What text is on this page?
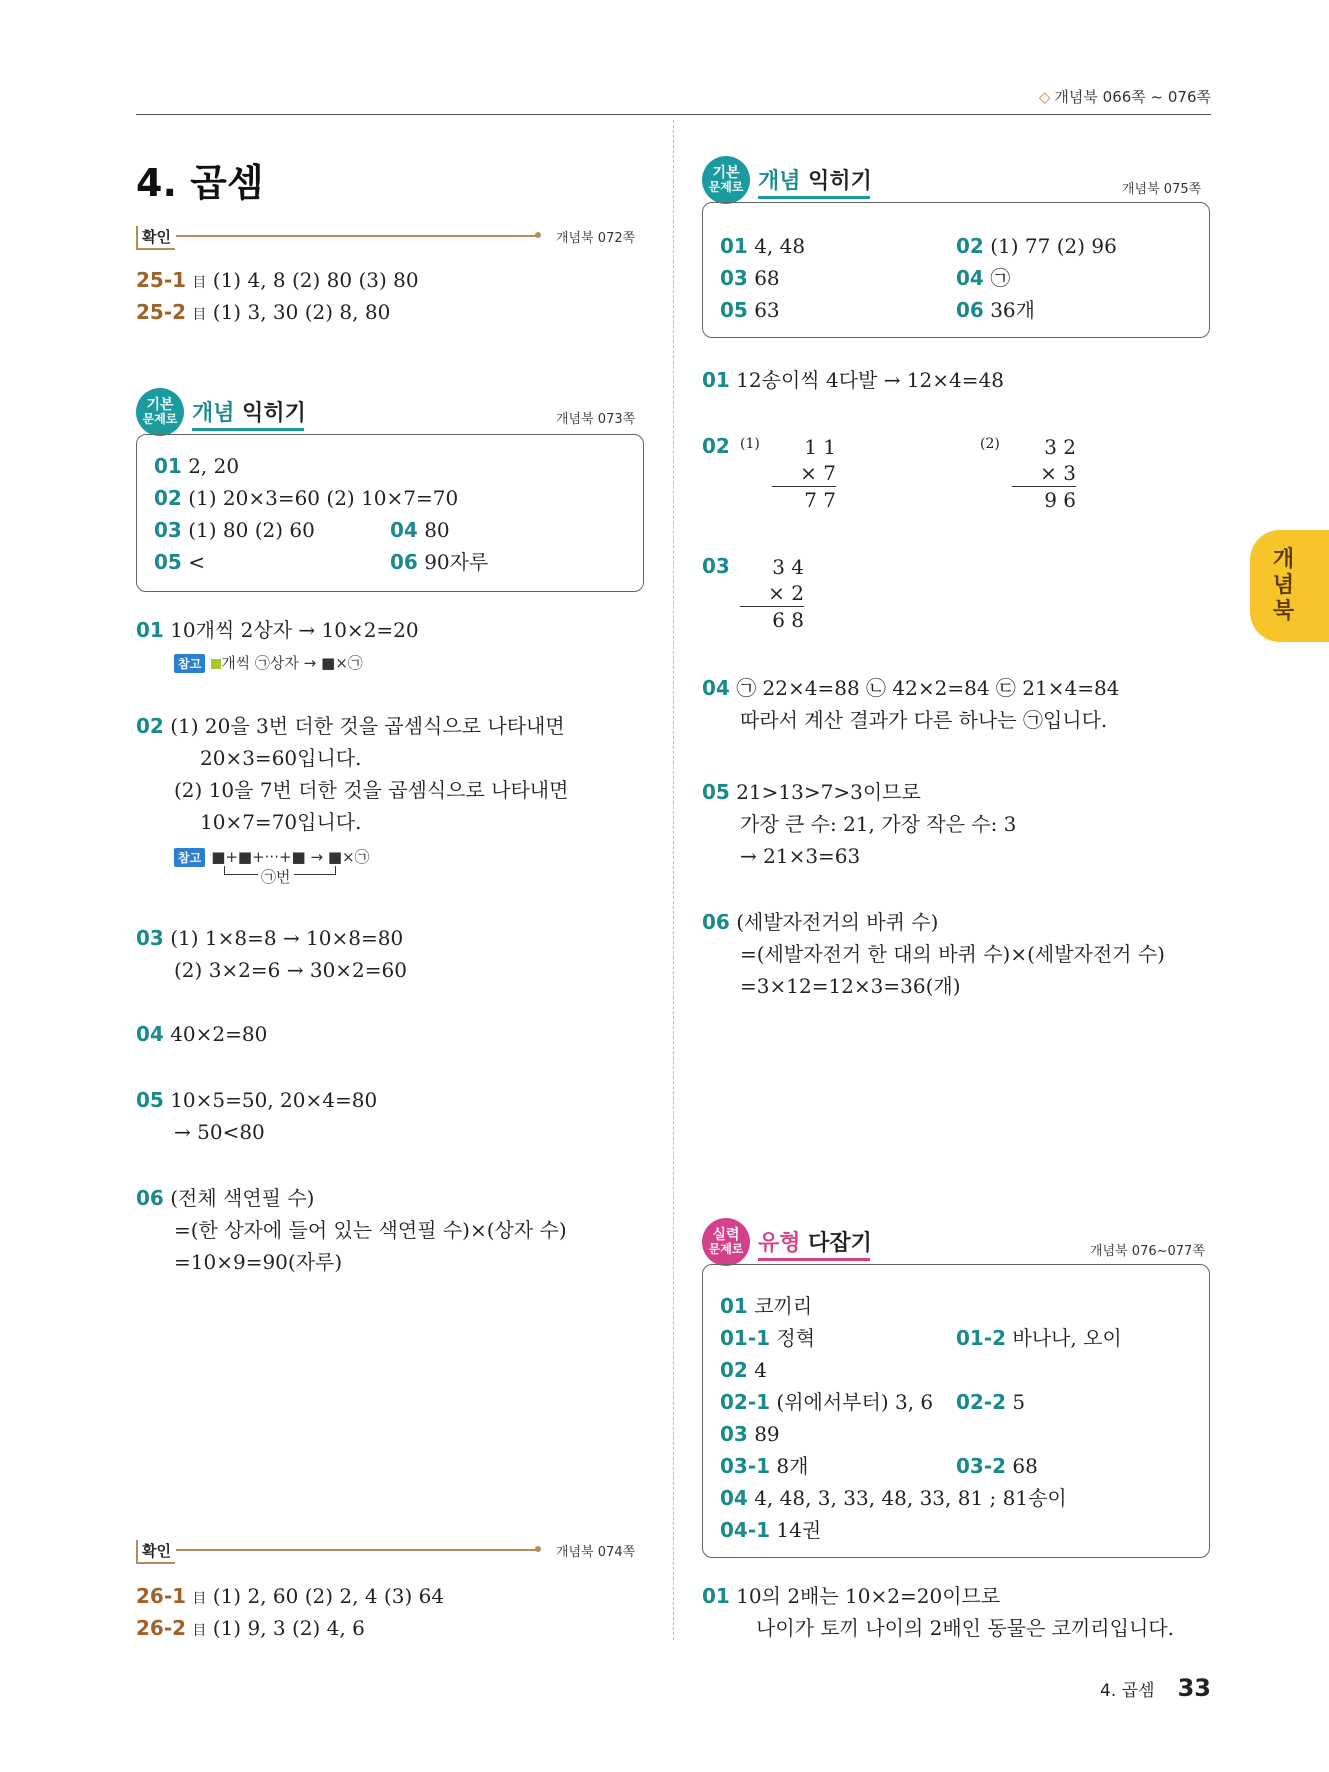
◇ 개념북 066쪽 ~ 076쪽
4. 곱셈
확인	개념북 072쪽
25-1 目 (1) 4, 8 (2) 80 (3) 80
25-2 目 (1) 3, 30 (2) 8, 80
기본
문제로 개념 익히기	개념북 073쪽
01 2, 20
02 (1) 20×3=60 (2) 10×7=70
03 (1) 80 (2) 60	04 80
05 <	06 90자루
01 10개씩 2상자 → 10×2=20
참고 개씩 ㉠상자 → ■×㉠
02 (1) 20을 3번 더한 것을 곱셈식으로 나타내면
20×3=60입니다.
(2) 10을 7번 더한 것을 곱셈식으로 나타내면
10×7=70입니다.
참고 ■+■+···+■ → ■×㉠
㉠번
03 (1) 1×8=8 → 10×8=80
(2) 3×2=6 → 30×2=60
04 40×2=80
05 10×5=50, 20×4=80
→ 50<80
06 (전체 색연필 수)
=(한 상자에 들어 있는 색연필 수)×(상자 수)
=10×9=90(자루)
확인	개념북 074쪽
26-1 目 (1) 2, 60 (2) 2, 4 (3) 64
26-2 目 (1) 9, 3 (2) 4, 6
기본
문제로 개념 익히기	개념북 075쪽
01 4, 48	02 (1) 77 (2) 96
03 68	04 ㉠
05 63	06 36개
01 12송이씩 4다발 → 12×4=48
02 (1)	1 1
× 7
7 7
(2)	3 2
× 3
9 6
03	3 4
× 2
6 8
04 ㉠ 22×4=88 ㉡ 42×2=84 ㉢ 21×4=84
따라서 계산 결과가 다른 하나는 ㉠입니다.
05 21>13>7>3이므로
가장 큰 수: 21, 가장 작은 수: 3
→ 21×3=63
06 (세발자전거의 바퀴 수)
=(세발자전거 한 대의 바퀴 수)×(세발자전거 수)
=3×12=12×3=36(개)
실력
문제로 유형 다잡기	개념북 076~077쪽
01 코끼리
01-1 정혁	01-2 바나나, 오이
02 4
02-1 (위에서부터) 3, 6 02-2 5
03 89
03-1 8개	03-2 68
04 4, 48, 3, 33, 48, 33, 81 ; 81송이
04-1 14권
01 10의 2배는 10×2=20이므로
나이가 토끼 나이의 2배인 동물은 코끼리입니다.
개
념
북
4. 곱셈 33
